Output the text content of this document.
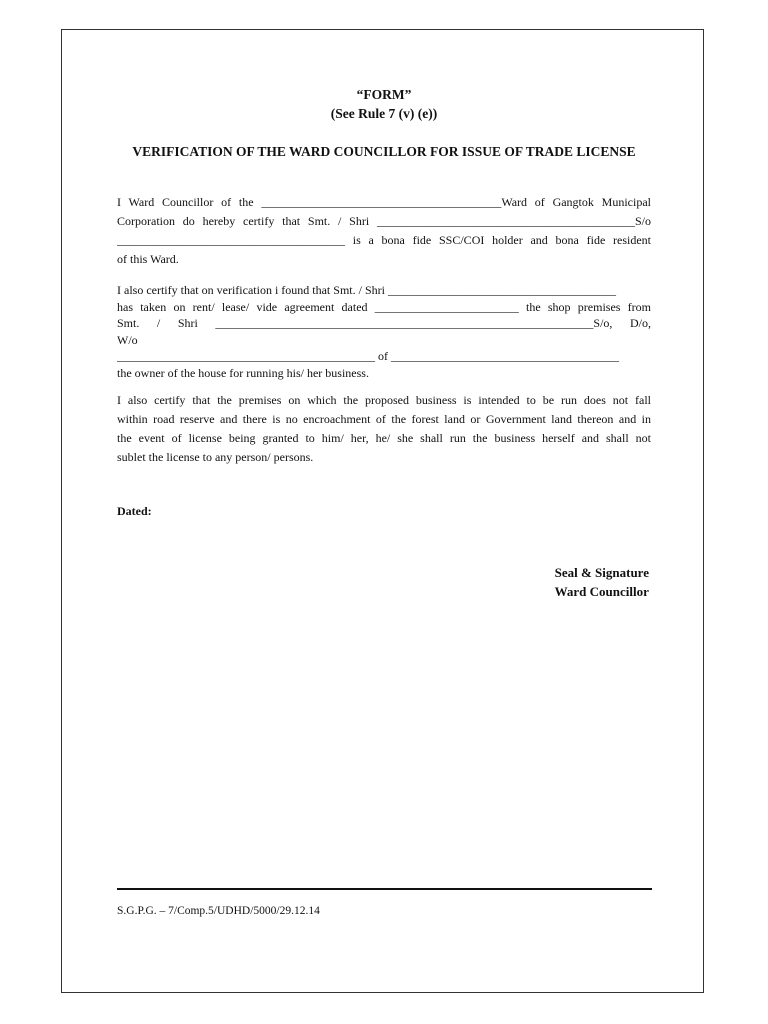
“FORM”
(See Rule 7 (v) (e))
VERIFICATION OF THE WARD COUNCILLOR FOR ISSUE OF TRADE LICENSE
I Ward Councillor of the ________________________________________Ward of Gangtok Municipal
Corporation do hereby certify that Smt. / Shri ___________________________________________S/o
______________________________________ is a bona fide SSC/COI holder and bona fide resident
of this Ward.
I also certify that on verification i found that Smt. / Shri ______________________________________
has taken on rent/ lease/ vide agreement dated ________________________ the shop premises from
Smt. / Shri _______________________________________________________________S/o, D/o,
W/o
___________________________________________ of ______________________________________
the owner of the house for running his/ her business.
I also certify that the premises on which the proposed business is intended to be run does not fall
within road reserve and there is no encroachment of the forest land or Government land thereon and in
the event of license being granted to him/ her, he/ she shall run the business herself and shall not
sublet the license to any person/ persons.
Dated:
Seal & Signature
Ward Councillor
S.G.P.G. – 7/Comp.5/UDHD/5000/29.12.14
